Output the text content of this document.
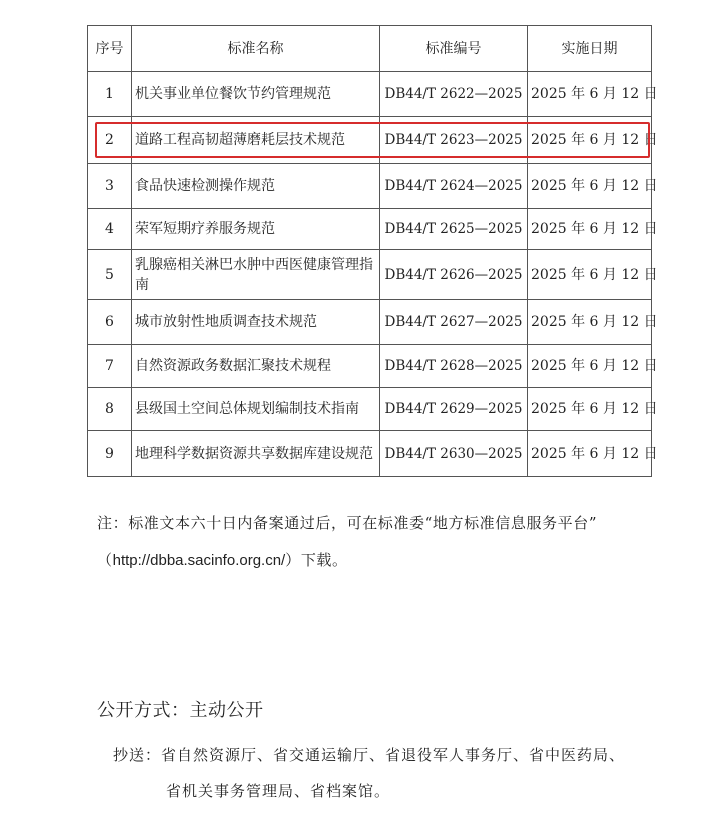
序号	标准名称	标准编号	实施日期
1	机关事业单位餐饮节约管理规范	DB44/T 2622—2025	2025 年 6 月 12 日
2	道路工程高韧超薄磨耗层技术规范	DB44/T 2623—2025	2025 年 6 月 12 日
3	食品快速检测操作规范	DB44/T 2624—2025	2025 年 6 月 12 日
4	荣军短期疗养服务规范	DB44/T 2625—2025	2025 年 6 月 12 日
5	乳腺癌相关淋巴水肿中西医健康管理指南	DB44/T 2626—2025	2025 年 6 月 12 日
6	城市放射性地质调查技术规范	DB44/T 2627—2025	2025 年 6 月 12 日
7	自然资源政务数据汇聚技术规程	DB44/T 2628—2025	2025 年 6 月 12 日
8	县级国土空间总体规划编制技术指南	DB44/T 2629—2025	2025 年 6 月 12 日
9	地理科学数据资源共享数据库建设规范	DB44/T 2630—2025	2025 年 6 月 12 日
注：标准文本六十日内备案通过后，可在标准委“地方标准信息服务平台”
（http://dbba.sacinfo.org.cn/）下载。
公开方式：主动公开
抄送：省自然资源厅、省交通运输厅、省退役军人事务厅、省中医药局、
省机关事务管理局、省档案馆。
